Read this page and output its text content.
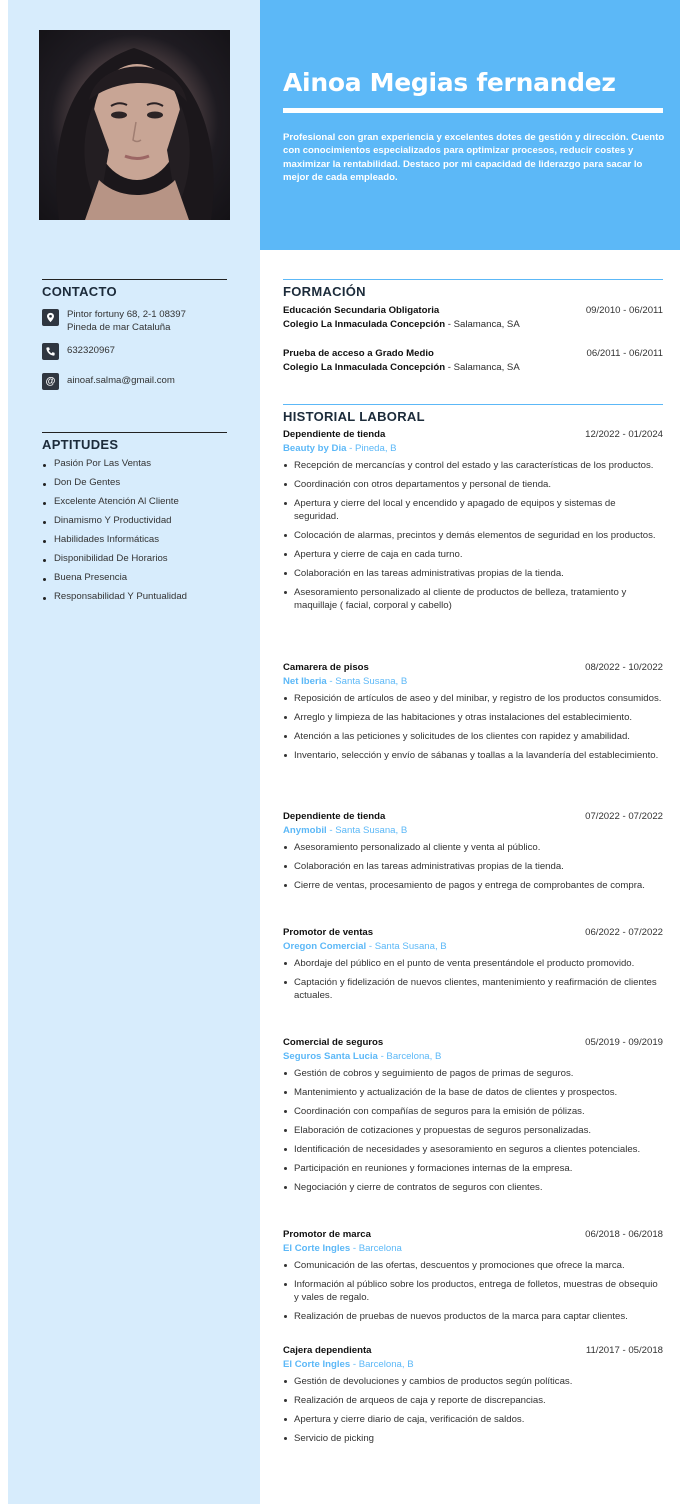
Ainoa Megias fernandez
Profesional con gran experiencia y excelentes dotes de gestión y dirección. Cuento con conocimientos especializados para optimizar procesos, reducir costes y maximizar la rentabilidad. Destaco por mi capacidad de liderazgo para sacar lo mejor de cada empleado.
CONTACTO
Pintor fortuny 68, 2-1 08397
Pineda de mar Cataluña
632320967
@	ainoaf.salma@gmail.com
APTITUDES
Pasión Por Las Ventas
Don De Gentes
Excelente Atención Al Cliente
Dinamismo Y Productividad
Habilidades Informáticas
Disponibilidad De Horarios
Buena Presencia
Responsabilidad Y Puntualidad
FORMACIÓN
Educación Secundaria Obligatoria	09/2010 - 06/2011
Colegio La Inmaculada Concepción - Salamanca, SA
Prueba de acceso a Grado Medio	06/2011 - 06/2011
Colegio La Inmaculada Concepción - Salamanca, SA
HISTORIAL LABORAL
Dependiente de tienda	12/2022 - 01/2024
Beauty by Dia - Pineda, B
Recepción de mercancías y control del estado y las características de los productos.
Coordinación con otros departamentos y personal de tienda.
Apertura y cierre del local y encendido y apagado de equipos y sistemas de seguridad.
Colocación de alarmas, precintos y demás elementos de seguridad en los productos.
Apertura y cierre de caja en cada turno.
Colaboración en las tareas administrativas propias de la tienda.
Asesoramiento personalizado al cliente de productos de belleza, tratamiento y maquillaje ( facial, corporal y cabello)
Camarera de pisos	08/2022 - 10/2022
Net Iberia - Santa Susana, B
Reposición de artículos de aseo y del minibar, y registro de los productos consumidos.
Arreglo y limpieza de las habitaciones y otras instalaciones del establecimiento.
Atención a las peticiones y solicitudes de los clientes con rapidez y amabilidad.
Inventario, selección y envío de sábanas y toallas a la lavandería del establecimiento.
Dependiente de tienda	07/2022 - 07/2022
Anymobil - Santa Susana, B
Asesoramiento personalizado al cliente y venta al público.
Colaboración en las tareas administrativas propias de la tienda.
Cierre de ventas, procesamiento de pagos y entrega de comprobantes de compra.
Promotor de ventas	06/2022 - 07/2022
Oregon Comercial - Santa Susana, B
Abordaje del público en el punto de venta presentándole el producto promovido.
Captación y fidelización de nuevos clientes, mantenimiento y reafirmación de clientes actuales.
Comercial de seguros	05/2019 - 09/2019
Seguros Santa Lucia - Barcelona, B
Gestión de cobros y seguimiento de pagos de primas de seguros.
Mantenimiento y actualización de la base de datos de clientes y prospectos.
Coordinación con compañías de seguros para la emisión de pólizas.
Elaboración de cotizaciones y propuestas de seguros personalizadas.
Identificación de necesidades y asesoramiento en seguros a clientes potenciales.
Participación en reuniones y formaciones internas de la empresa.
Negociación y cierre de contratos de seguros con clientes.
Promotor de marca	06/2018 - 06/2018
El Corte Ingles - Barcelona
Comunicación de las ofertas, descuentos y promociones que ofrece la marca.
Información al público sobre los productos, entrega de folletos, muestras de obsequio y vales de regalo.
Realización de pruebas de nuevos productos de la marca para captar clientes.
Cajera dependienta	11/2017 - 05/2018
El Corte Ingles - Barcelona, B
Gestión de devoluciones y cambios de productos según políticas.
Realización de arqueos de caja y reporte de discrepancias.
Apertura y cierre diario de caja, verificación de saldos.
Servicio de picking
